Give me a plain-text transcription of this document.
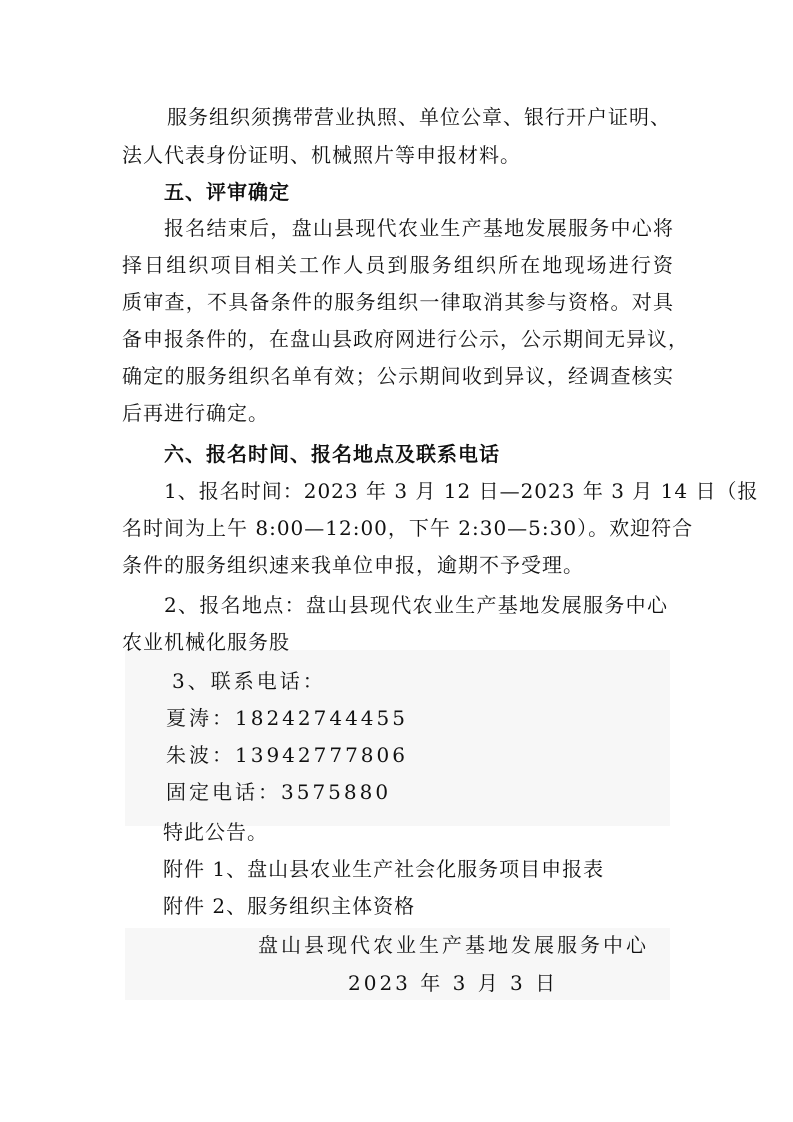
服务组织须携带营业执照、单位公章、银行开户证明、

法人代表身份证明、机械照片等申报材料。

五、评审确定

报名结束后，盘山县现代农业生产基地发展服务中心将

择日组织项目相关工作人员到服务组织所在地现场进行资

质审查，不具备条件的服务组织一律取消其参与资格。对具

备申报条件的，在盘山县政府网进行公示，公示期间无异议，

确定的服务组织名单有效；公示期间收到异议，经调查核实

后再进行确定。

六、报名时间、报名地点及联系电话

1、报名时间：2023 年 3 月 12 日—2023 年 3 月 14 日（报

名时间为上午 8:00—12:00，下午 2:30—5:30）。欢迎符合

条件的服务组织速来我单位申报，逾期不予受理。

2、报名地点：盘山县现代农业生产基地发展服务中心

农业机械化服务股

3、联系电话：

夏涛：18242744455

朱波：13942777806

固定电话：3575880

特此公告。

附件 1、盘山县农业生产社会化服务项目申报表

附件 2、服务组织主体资格

盘山县现代农业生产基地发展服务中心

2023 年 3 月 3 日
